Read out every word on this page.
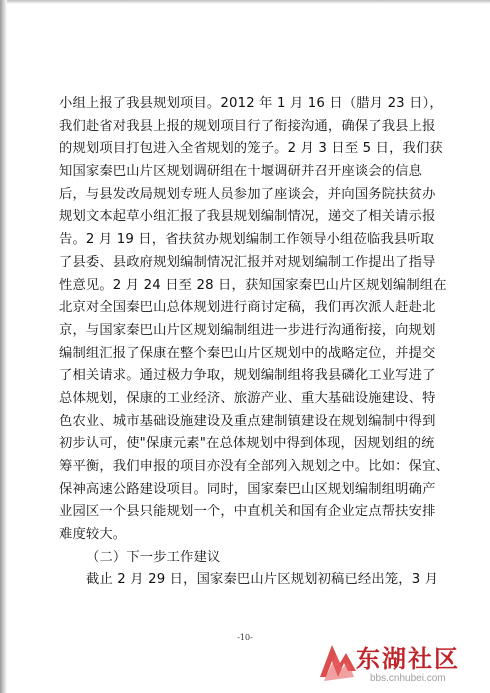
小组上报了我县规划项目。2012 年 1 月 16 日（腊月 23 日），
我们赴省对我县上报的规划项目行了衔接沟通，确保了我县上报
的规划项目打包进入全省规划的笼子。2 月 3 日至 5 日，我们获
知国家秦巴山片区规划调研组在十堰调研并召开座谈会的信息
后，与县发改局规划专班人员参加了座谈会，并向国务院扶贫办
规划文本起草小组汇报了我县规划编制情况，递交了相关请示报
告。2 月 19 日，省扶贫办规划编制工作领导小组莅临我县听取
了县委、县政府规划编制情况汇报并对规划编制工作提出了指导
性意见。2 月 24 日至 28 日，获知国家秦巴山片区规划编制组在
北京对全国秦巴山总体规划进行商讨定稿，我们再次派人赶赴北
京，与国家秦巴山片区规划编制组进一步进行沟通衔接，向规划
编制组汇报了保康在整个秦巴山片区规划中的战略定位，并提交
了相关请求。通过极力争取，规划编制组将我县磷化工业写进了
总体规划，保康的工业经济、旅游产业、重大基础设施建设、特
色农业、城市基础设施建设及重点建制镇建设在规划编制中得到
初步认可，使"保康元素"在总体规划中得到体现，因规划组的统
筹平衡，我们申报的项目亦没有全部列入规划之中。比如：保宜、
保神高速公路建设项目。同时，国家秦巴山区规划编制组明确产
业园区一个县只能规划一个，中直机关和国有企业定点帮扶安排
难度较大。
（二）下一步工作建议
截止 2 月 29 日，国家秦巴山片区规划初稿已经出笼，3 月
-10-
东湖社区
bbs.cnhubei.com
